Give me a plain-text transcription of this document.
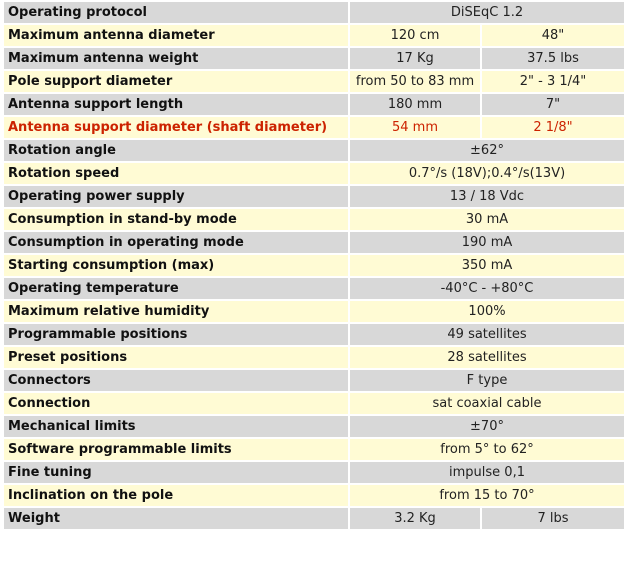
Operating protocol	DiSEqC 1.2	
Maximum antenna diameter	120 cm	48"
Maximum antenna weight	17 Kg	37.5 lbs
Pole support diameter	from 50 to 83 mm	2" - 3 1/4"
Antenna support length	180 mm	7"
Antenna support diameter (shaft diameter)	54 mm	2 1/8"
Rotation angle	±62°	
Rotation speed	0.7°/s (18V);0.4°/s(13V)	
Operating power supply	13 / 18 Vdc	
Consumption in stand-by mode	30 mA	
Consumption in operating mode	190 mA	
Starting consumption (max)	350 mA	
Operating temperature	-40°C - +80°C	
Maximum relative humidity	100%	
Programmable positions	49 satellites	
Preset positions	28 satellites	
Connectors	F type	
Connection	sat coaxial cable	
Mechanical limits	±70°	
Software programmable limits	from 5° to 62°	
Fine tuning	impulse 0,1	
Inclination on the pole	from 15 to 70°	
Weight	3.2 Kg	7 lbs
